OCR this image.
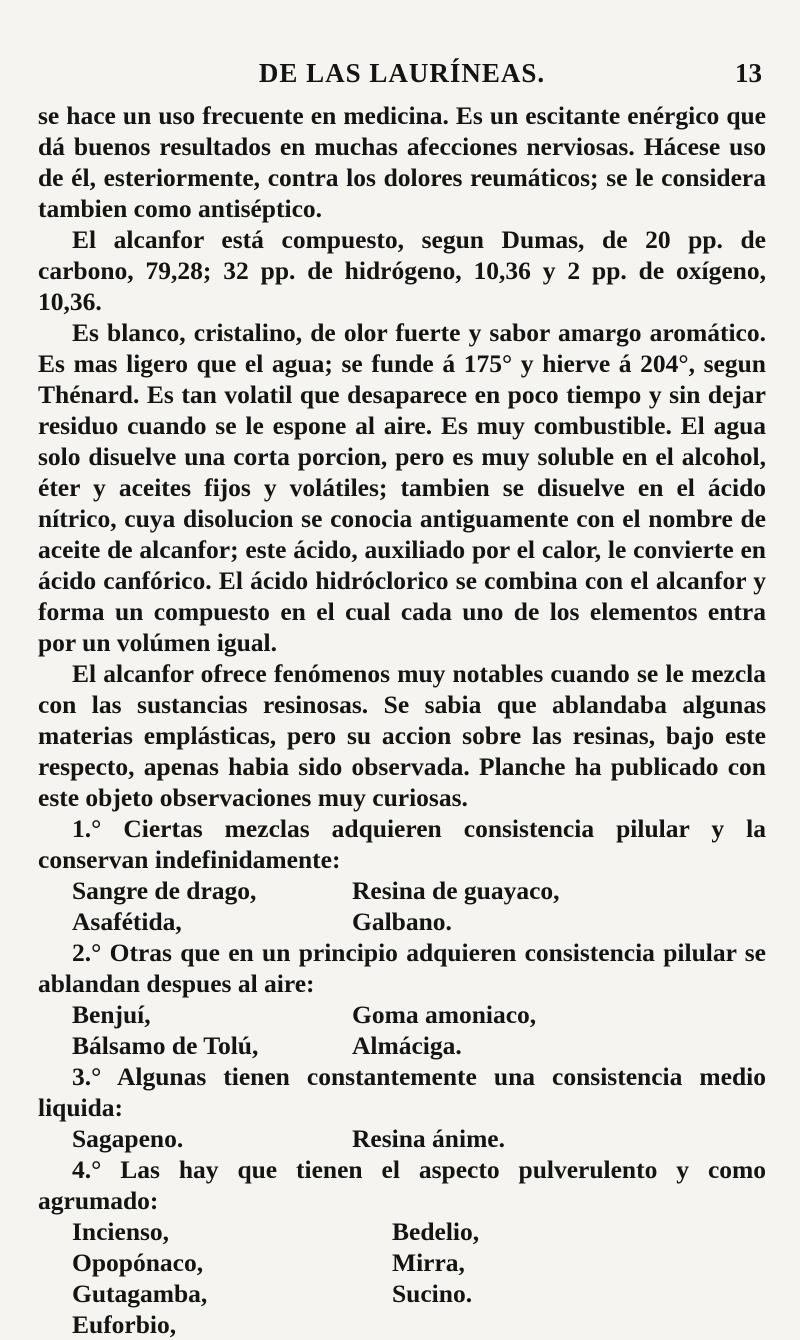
DE LAS LAURÍNEAS.	13

se hace un uso frecuente en medicina. Es un escitante enérgico que dá buenos resultados en muchas afecciones nerviosas. Hácese uso de él, esteriormente, contra los dolores reumáticos; se le considera tambien como antiséptico.

El alcanfor está compuesto, segun Dumas, de 20 pp. de carbono, 79,28; 32 pp. de hidrógeno, 10,36 y 2 pp. de oxígeno, 10,36.

Es blanco, cristalino, de olor fuerte y sabor amargo aromático. Es mas ligero que el agua; se funde á 175° y hierve á 204°, segun Thénard. Es tan volatil que desaparece en poco tiempo y sin dejar residuo cuando se le espone al aire. Es muy combustible. El agua solo disuelve una corta porcion, pero es muy soluble en el alcohol, éter y aceites fijos y volátiles; tambien se disuelve en el ácido nítrico, cuya disolucion se conocia antiguamente con el nombre de aceite de alcanfor; este ácido, auxiliado por el calor, le convierte en ácido canfórico. El ácido hidróclorico se combina con el alcanfor y forma un compuesto en el cual cada uno de los elementos entra por un volúmen igual.

El alcanfor ofrece fenómenos muy notables cuando se le mezcla con las sustancias resinosas. Se sabia que ablandaba algunas materias emplásticas, pero su accion sobre las resinas, bajo este respecto, apenas habia sido observada. Planche ha publicado con este objeto observaciones muy curiosas.

1.° Ciertas mezclas adquieren consistencia pilular y la conservan indefinidamente:

Sangre de drago,	Resina de guayaco,
Asafétida,	Galbano.

2.° Otras que en un principio adquieren consistencia pilular se ablandan despues al aire:

Benjuí,	Goma amoniaco,
Bálsamo de Tolú,	Almáciga.

3.° Algunas tienen constantemente una consistencia medio liquida:

Sagapeno.	Resina ánime.

4.° Las hay que tienen el aspecto pulverulento y como agrumado:

Incienso,	Bedelio,
Opopónaco,	Mirra,
Gutagamba,	Sucino.
Euforbio,
